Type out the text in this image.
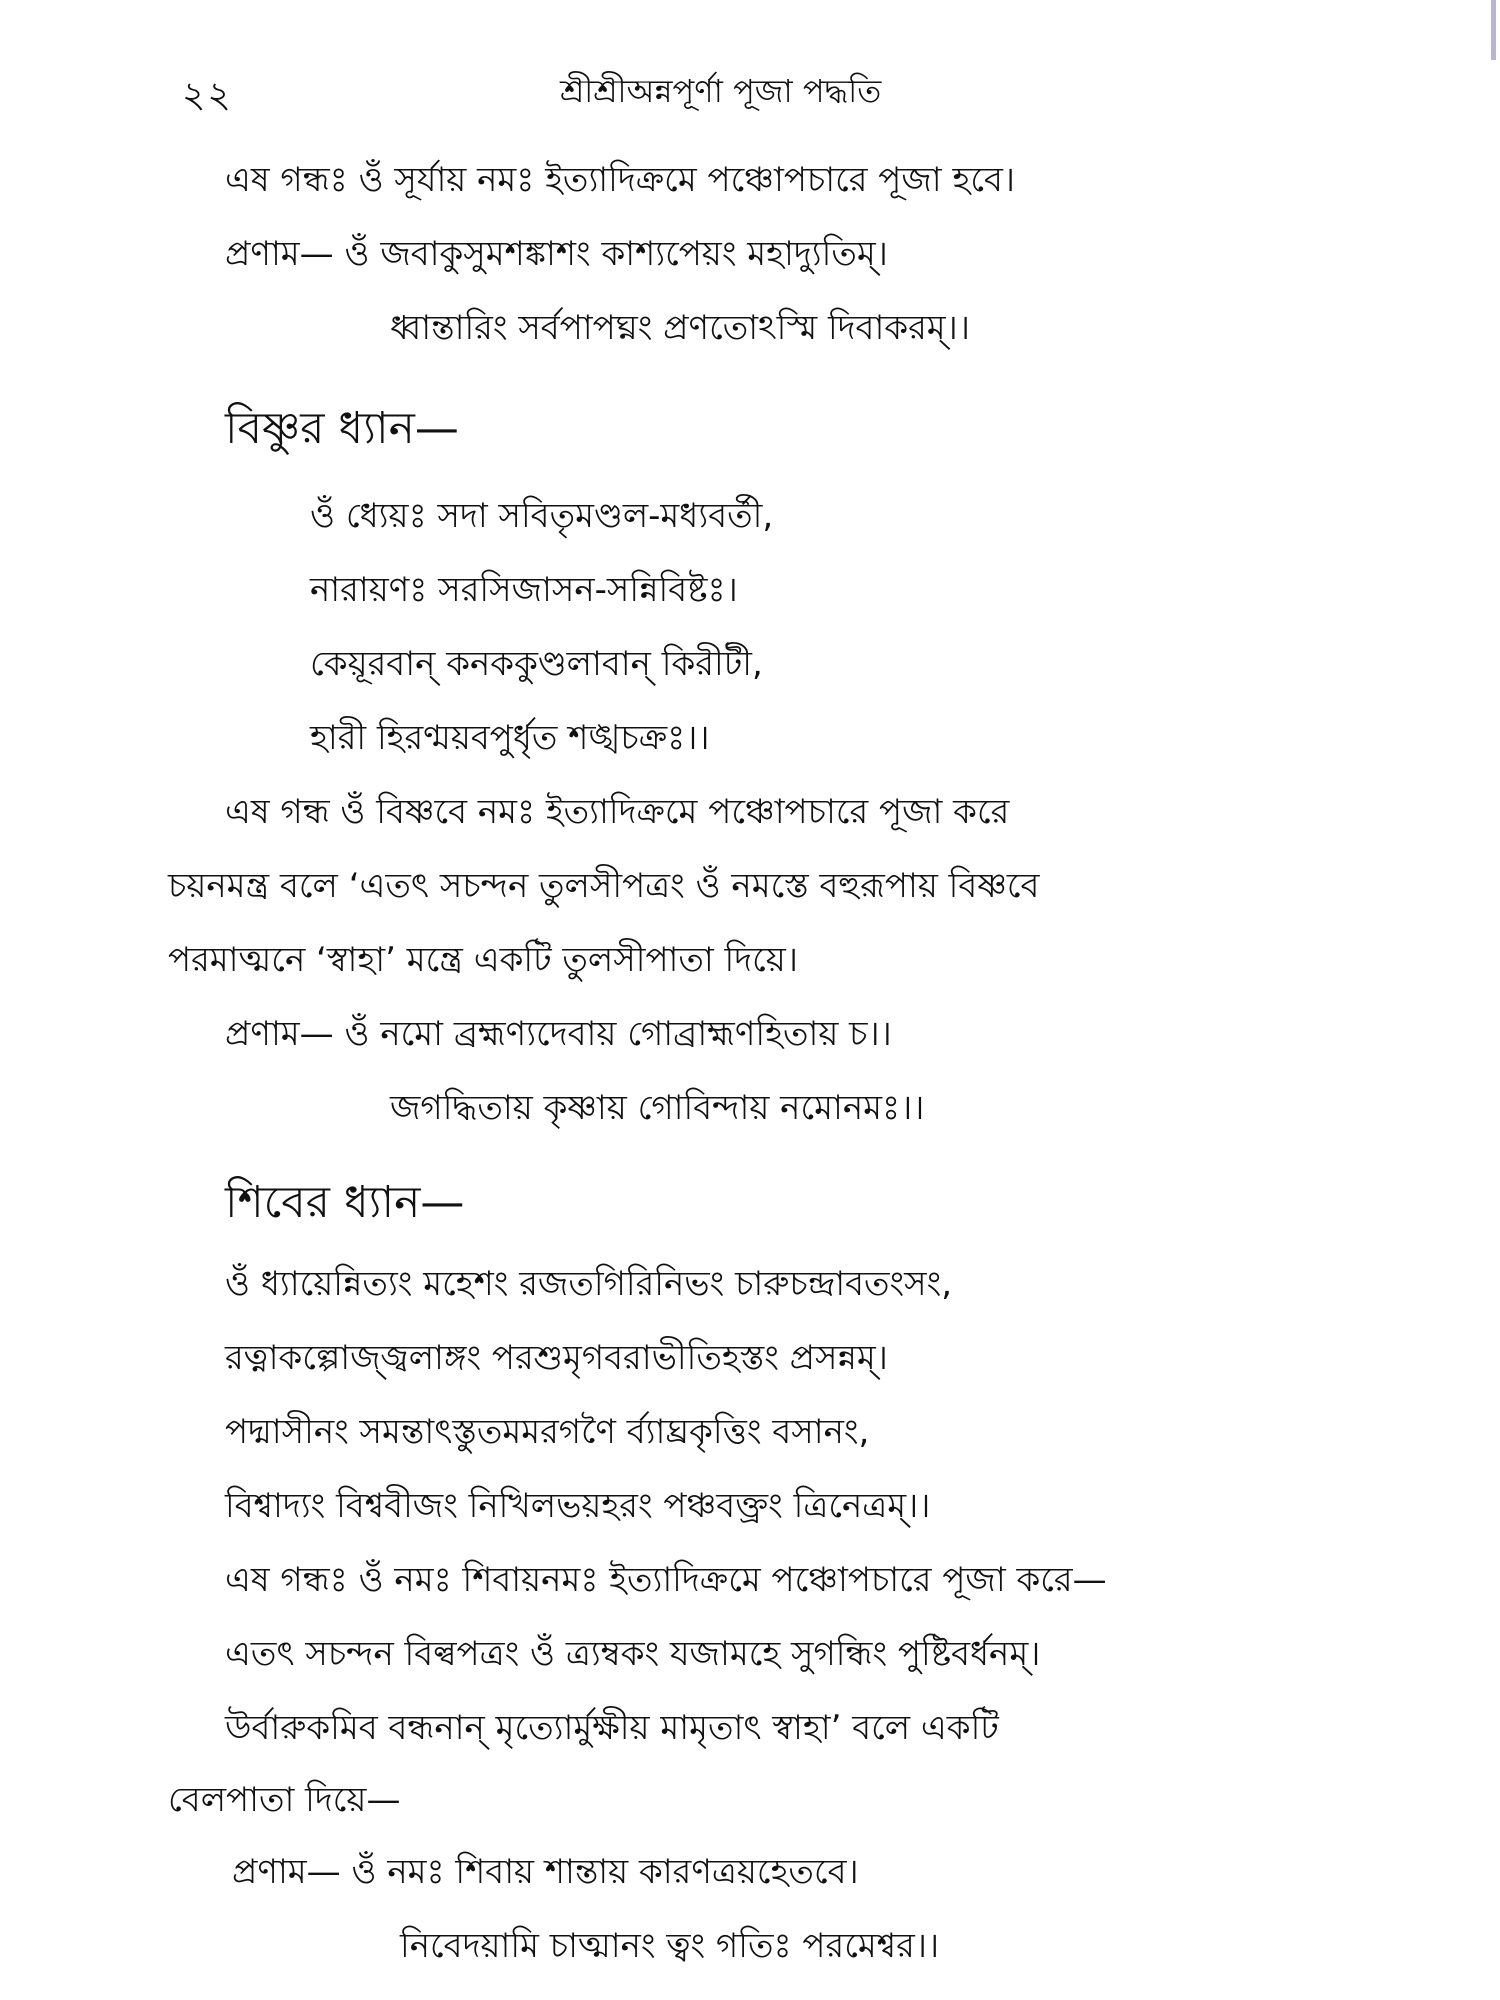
২২	শ্রীশ্রীঅন্নপূর্ণা পূজা পদ্ধতি
এষ গন্ধঃ ওঁ সূর্যায় নমঃ ইত্যাদিক্রমে পঞ্চোপচারে পূজা হবে।
প্রণাম— ওঁ জবাকুসুমশঙ্কাশং কাশ্যপেয়ং মহাদ্যুতিম্।
ধ্বান্তারিং সর্বপাপঘ্নং প্রণতোঽস্মি দিবাকরম্।।
বিষ্ণুর ধ্যান—
ওঁ ধ্যেয়ঃ সদা সবিতৃমণ্ডল-মধ্যবর্তী,
নারায়ণঃ সরসিজাসন-সন্নিবিষ্টঃ।
কেয়ূরবান্ কনককুণ্ডলাবান্ কিরীটী,
হারী হিরণ্ময়বপুর্ধৃত শঙ্খচক্রঃ।।
এষ গন্ধ ওঁ বিষ্ণবে নমঃ ইত্যাদিক্রমে পঞ্চোপচারে পূজা করে
চয়নমন্ত্র বলে ‘এতৎ সচন্দন তুলসীপত্রং ওঁ নমস্তে বহুরূপায় বিষ্ণবে
পরমাত্মনে ‘স্বাহা’ মন্ত্রে একটি তুলসীপাতা দিয়ে।
প্রণাম— ওঁ নমো ব্রহ্মণ্যদেবায় গোব্রাহ্মণহিতায় চ।।
জগদ্ধিতায় কৃষ্ণায় গোবিন্দায় নমোনমঃ।।
শিবের ধ্যান—
ওঁ ধ্যায়েন্নিত্যং মহেশং রজতগিরিনিভং চারুচন্দ্রাবতংসং,
রত্নাকল্পোজ্জ্বলাঙ্গং পরশুমৃগবরাভীতিহস্তং প্রসন্নম্।
পদ্মাসীনং সমন্তাৎস্তুতমমরগণৈ র্ব্যাঘ্রকৃত্তিং বসানং,
বিশ্বাদ্যং বিশ্ববীজং নিখিলভয়হরং পঞ্চবক্ত্রং ত্রিনেত্রম্।।
এষ গন্ধঃ ওঁ নমঃ শিবায়নমঃ ইত্যাদিক্রমে পঞ্চোপচারে পূজা করে—
এতৎ সচন্দন বিল্বপত্রং ওঁ ত্র্যম্বকং যজামহে সুগন্ধিং পুষ্টিবর্ধনম্।
উর্বারুকমিব বন্ধনান্ মৃত্যোর্মুক্ষীয় মামৃতাৎ স্বাহা’ বলে একটি
বেলপাতা দিয়ে—
প্রণাম— ওঁ নমঃ শিবায় শান্তায় কারণত্রয়হেতবে।
নিবেদয়ামি চাত্মানং ত্বং গতিঃ পরমেশ্বর।।
